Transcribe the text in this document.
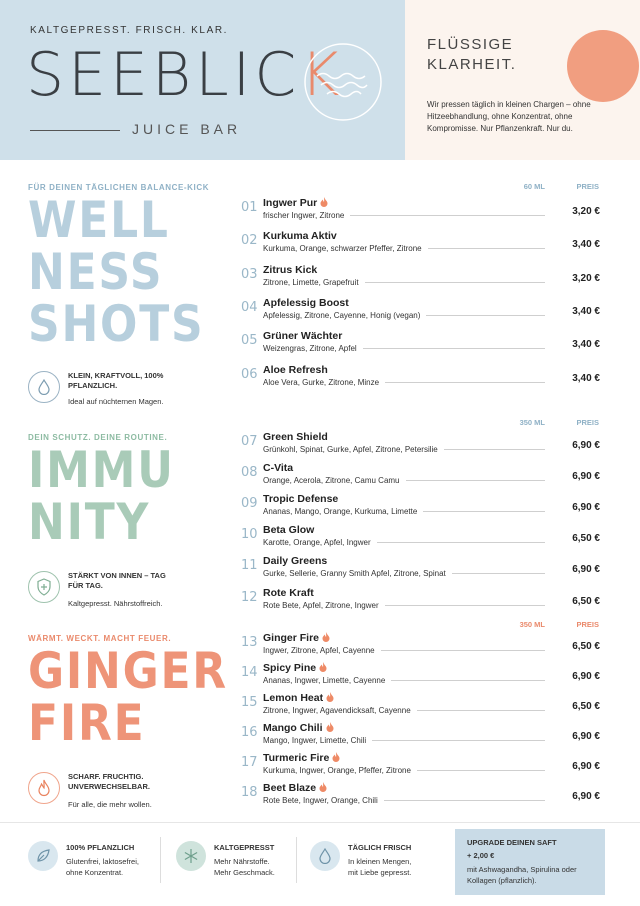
KALTGEPRESST. FRISCH. KLAR.
SEEBLICK
JUICE BAR
FLÜSSIGE
KLARHEIT.
Wir pressen täglich in kleinen Chargen – ohne Hitzeebhandlung, ohne Konzentrat, ohne Kompromisse. Nur Pflanzenkraft. Nur du.
FÜR DEINEN TÄGLICHEN BALANCE-KICK
WELL
NESS
SHOTS
KLEIN, KRAFTVOLL, 100% PFLANZLICH.
Ideal auf nüchternen Magen.
DEIN SCHUTZ. DEINE ROUTINE.
IMMU
NITY
STÄRKT VON INNEN – TAG FÜR TAG.
Kaltgepresst. Nährstoffreich.
WÄRMT. WECKT. MACHT FEUER.
GINGER
FIRE
SCHARF. FRUCHTIG. UNVERWECHSELBAR.
Für alle, die mehr wollen.
60 ML	PREIS
01 Ingwer Pur
frischer Ingwer, Zitrone	3,20 €
02 Kurkuma Aktiv
Kurkuma, Orange, schwarzer Pfeffer, Zitrone	3,40 €
03 Zitrus Kick
Zitrone, Limette, Grapefruit	3,20 €
04 Apfelessig Boost
Apfelessig, Zitrone, Cayenne, Honig (vegan)	3,40 €
05 Grüner Wächter
Weizengras, Zitrone, Apfel	3,40 €
06 Aloe Refresh
Aloe Vera, Gurke, Zitrone, Minze	3,40 €
350 ML	PREIS
07 Green Shield
Grünkohl, Spinat, Gurke, Apfel, Zitrone, Petersilie	6,90 €
08 C-Vita
Orange, Acerola, Zitrone, Camu Camu	6,90 €
09 Tropic Defense
Ananas, Mango, Orange, Kurkuma, Limette	6,90 €
10 Beta Glow
Karotte, Orange, Apfel, Ingwer	6,50 €
11 Daily Greens
Gurke, Sellerie, Granny Smith Apfel, Zitrone, Spinat	6,90 €
12 Rote Kraft
Rote Bete, Apfel, Zitrone, Ingwer	6,50 €
350 ML	PREIS
13 Ginger Fire
Ingwer, Zitrone, Apfel, Cayenne	6,50 €
14 Spicy Pine
Ananas, Ingwer, Limette, Cayenne	6,90 €
15 Lemon Heat
Zitrone, Ingwer, Agavendicksaft, Cayenne	6,50 €
16 Mango Chili
Mango, Ingwer, Limette, Chili	6,90 €
17 Turmeric Fire
Kurkuma, Ingwer, Orange, Pfeffer, Zitrone	6,90 €
18 Beet Blaze
Rote Bete, Ingwer, Orange, Chili	6,90 €
100% PFLANZLICH
Glutenfrei, laktosefrei,
ohne Konzentrat.
KALTGEPRESST
Mehr Nährstoffe.
Mehr Geschmack.
TÄGLICH FRISCH
In kleinen Mengen,
mit Liebe gepresst.
UPGRADE DEINEN SAFT
+ 2,00 €
mit Ashwagandha, Spirulina oder Kollagen (pflanzlich).
